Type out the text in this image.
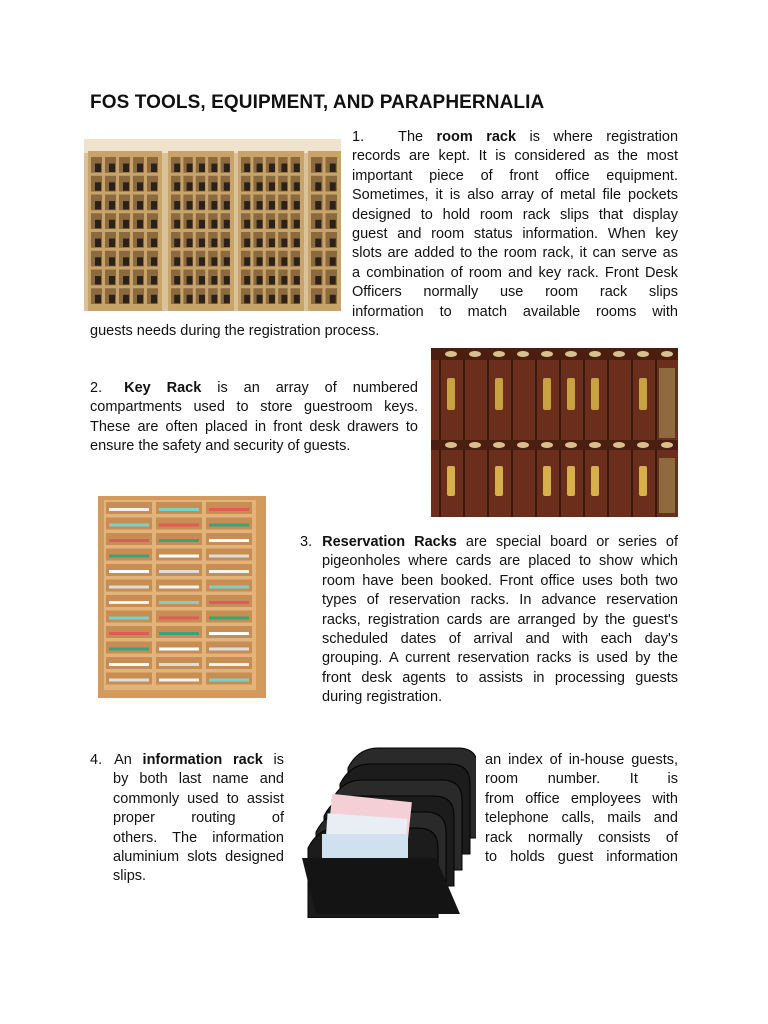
FOS TOOLS, EQUIPMENT, AND PARAPHERNALIA
1. The room rack is where registration
records are kept. It is considered as the most
important piece of front office equipment.
Sometimes, it is also array of metal file pockets
designed to hold room rack slips that display
guest and room status information. When key
slots are added to the room rack, it can serve as
a combination of room and key rack. Front Desk
Officers normally use room rack slips
information to match available rooms with
guests needs during the registration process.
2. Key Rack is an array of numbered
compartments used to store guestroom keys.
These are often placed in front desk drawers to
ensure the safety and security of guests.
3. Reservation Racks are special board or series of
pigeonholes where cards are placed to show which
room have been booked. Front office uses both two
types of reservation racks. In advance reservation
racks, registration cards are arranged by the guest's
scheduled dates of arrival and with each day's
grouping. A current reservation racks is used by the
front desk agents to assists in processing guests
during registration.
4. An information rack is
by both last name and
commonly used to assist
proper routing of
others. The information
aluminium slots designed
slips.
an index of in-house guests,
room number. It is
from office employees with
telephone calls, mails and
rack normally consists of
to holds guest information
